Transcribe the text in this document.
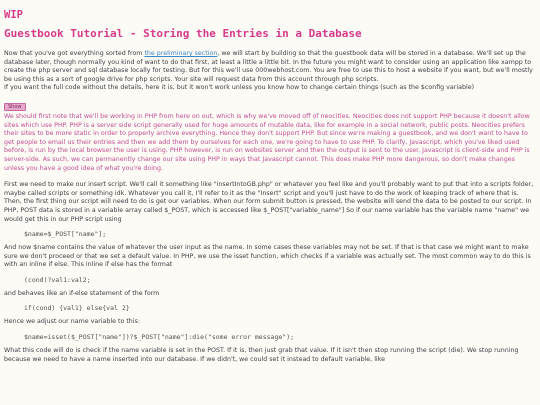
WIP
Guestbook Tutorial - Storing the Entries in a Database

Now that you've got everything sorted from the preliminary section, we will start by building so that the guestbook data will be stored in a database. We'll set up the database later, though normally you kind of want to do that first, at least a little a little bit. In the future you might want to consider using an application like xampp to create the php server and sql database locally for testing. But for this we'll use 000webhost.com. You are free to use this to host a website if you want, but we'll mostly be using this as a sort of google drive for php scripts. Your site will request data from this account through php scripts.

If you want the full code without the details, here it is, but it won't work unless you know how to change certain things (such as the $config variable)

Show

We should first note that we'll be working in PHP from here on out, which is why we've moved off of neocities. Neocities does not support PHP because it doesn't allow sites which use PHP. PHP is a server side script generally used for huge amounts of mutable data, like for example in a social network, public posts. Neocities prefers their sites to be more static in order to properly archive everything. Hence they don't support PHP. But since we're making a guestbook, and we don't want to have to get people to email us their entries and then we add them by ourselves for each one, we're going to have to use PHP. To clarify, Javascript, which you've liked used before, is run by the local browser the user is using. PHP however, is run on websites server and then the output is sent to the user. Javascript is client-side and PHP is server-side. As such, we can permanently change our site using PHP in ways that Javascript cannot. This does make PHP more dangerous, so don't make changes unless you have a good idea of what you're doing.

First we need to make our insert script. We'll call it something like "insertIntoGB.php" or whatever you feel like and you'll probably want to put that into a scripts folder, maybe called scripts or something idk. Whatever you call it, I'll refer to it as the "Insert" script and you'll just have to do the work of keeping track of where that is. Then, the first thing our script will need to do is get our variables. When our form submit button is pressed, the website will send the data to be posted to our script. In PHP, POST data is stored in a variable array called $_POST, which is accessed like $_POST["variable_name"] So if our name variable has the variable name "name" we would get this in our PHP script using

$name=$_POST["name"];

And now $name contains the value of whatever the user input as the name. In some cases these variables may not be set. If that is that case we might want to make sure we don't proceed or that we set a default value. In PHP, we use the isset function, which checks if a variable was actually set. The most common way to do this is with an inline if else. This inline if else has the format

(cond)?val1:val2;

and behaves like an if-else statement of the form

if(cond) {val1} else{val 2}

Hence we adjust our name variable to this:

$name=isset($_POST["name"])?$_POST["name"]:die("some error message");

What this code will do is check if the name variable is set in the POST. If it is, then just grab that value. If it isn't then stop running the script (die). We stop running because we need to have a name inserted into our database. If we didn't, we could set it instead to default variable, like
